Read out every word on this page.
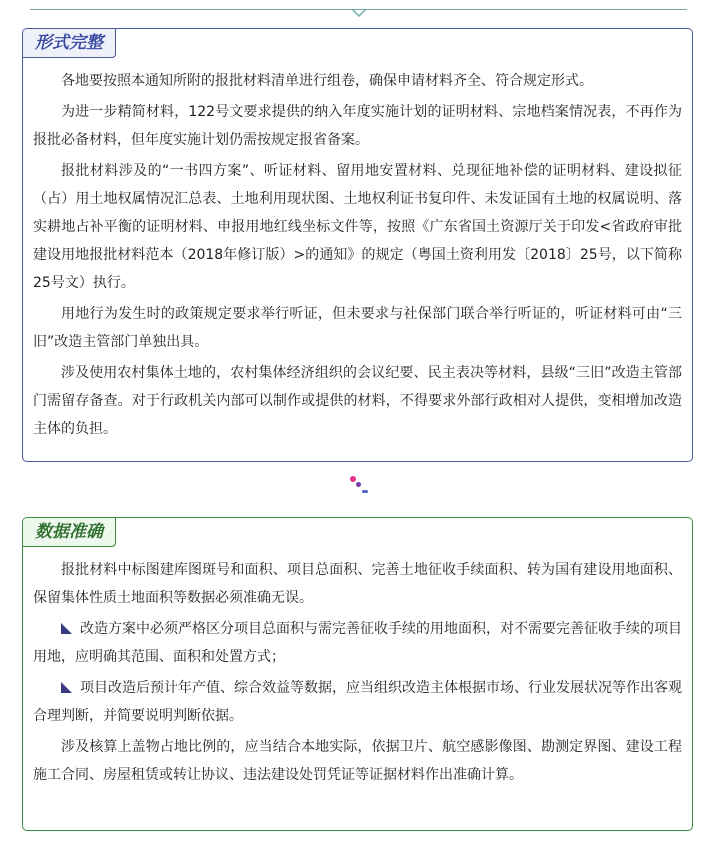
形式完整

各地要按照本通知所附的报批材料清单进行组卷，确保申请材料齐全、符合规定形式。

为进一步精简材料，122号文要求提供的纳入年度实施计划的证明材料、宗地档案情况表，不再作为报批必备材料，但年度实施计划仍需按规定报省备案。

报批材料涉及的“一书四方案”、听证材料、留用地安置材料、兑现征地补偿的证明材料、建设拟征（占）用土地权属情况汇总表、土地利用现状图、土地权利证书复印件、未发证国有土地的权属说明、落实耕地占补平衡的证明材料、申报用地红线坐标文件等，按照《广东省国土资源厅关于印发<省政府审批建设用地报批材料范本（2018年修订版）>的通知》的规定（粤国土资利用发〔2018〕25号，以下简称25号文）执行。

用地行为发生时的政策规定要求举行听证，但未要求与社保部门联合举行听证的，听证材料可由“三旧”改造主管部门单独出具。

涉及使用农村集体土地的，农村集体经济组织的会议纪要、民主表决等材料，县级“三旧”改造主管部门需留存备查。对于行政机关内部可以制作或提供的材料，不得要求外部行政相对人提供，变相增加改造主体的负担。

数据准确

报批材料中标图建库图斑号和面积、项目总面积、完善土地征收手续面积、转为国有建设用地面积、保留集体性质土地面积等数据必须准确无误。

改造方案中必须严格区分项目总面积与需完善征收手续的用地面积，对不需要完善征收手续的项目用地，应明确其范围、面积和处置方式；

项目改造后预计年产值、综合效益等数据，应当组织改造主体根据市场、行业发展状况等作出客观合理判断，并简要说明判断依据。

涉及核算上盖物占地比例的，应当结合本地实际，依据卫片、航空感影像图、勘测定界图、建设工程施工合同、房屋租赁或转让协议、违法建设处罚凭证等证据材料作出准确计算。
